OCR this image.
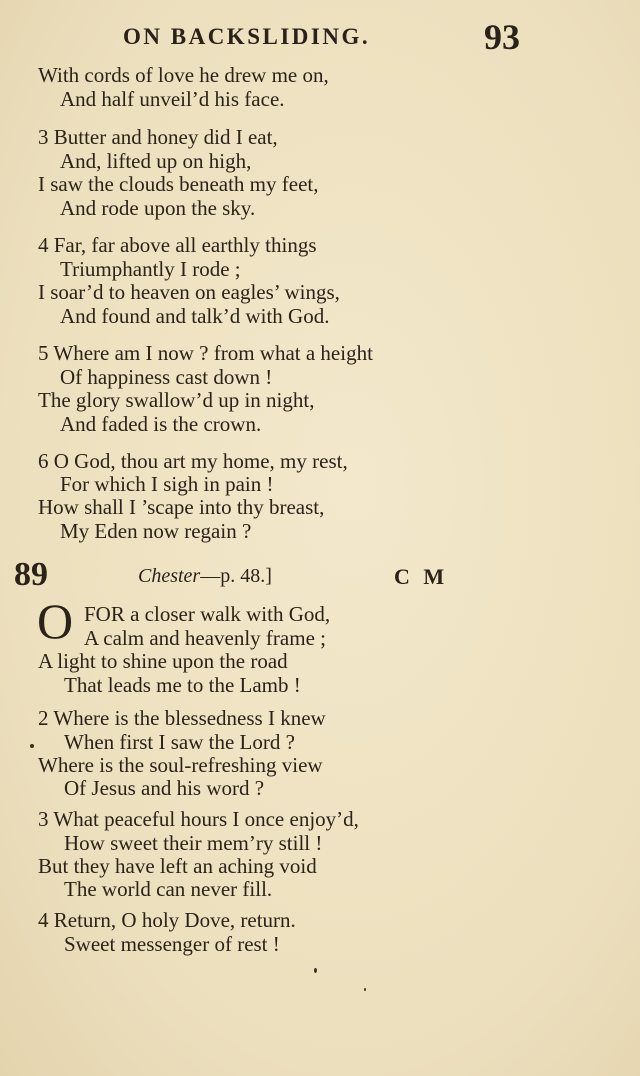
ON BACKSLIDING.	93
With cords of love he drew me on,
And half unveil’d his face.
3 Butter and honey did I eat,
And, lifted up on high,
I saw the clouds beneath my feet,
And rode upon the sky.
4 Far, far above all earthly things
Triumphantly I rode ;
I soar’d to heaven on eagles’ wings,
And found and talk’d with God.
5 Where am I now ? from what a height
Of happiness cast down !
The glory swallow’d up in night,
And faded is the crown.
6 O God, thou art my home, my rest,
For which I sigh in pain !
How shall I ’scape into thy breast,
My Eden now regain ?
89	Chester—p. 48.]	C M
O FOR a closer walk with God,
A calm and heavenly frame ;
A light to shine upon the road
That leads me to the Lamb !
2 Where is the blessedness I knew
When first I saw the Lord ?
Where is the soul-refreshing view
Of Jesus and his word ?
3 What peaceful hours I once enjoy’d,
How sweet their mem’ry still !
But they have left an aching void
The world can never fill.
4 Return, O holy Dove, return.
Sweet messenger of rest !
